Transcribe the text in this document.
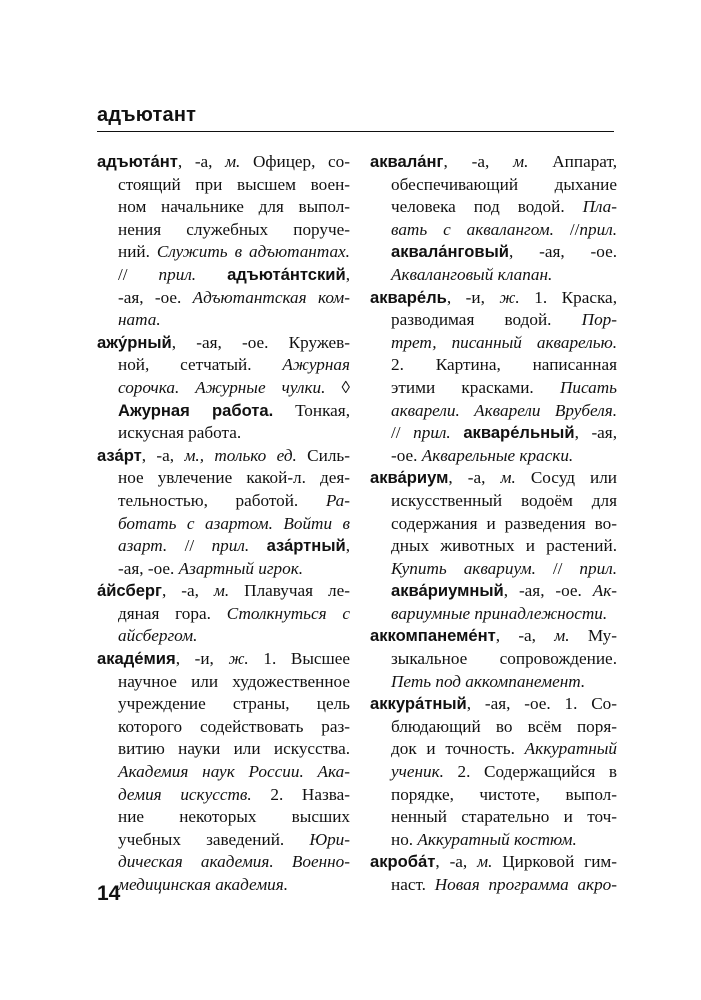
адъютант
адъюта́нт, -а, м. Офицер, со-
стоящий при высшем воен-
ном начальнике для выпол-
нения служебных поруче-
ний. Служить в адъютантах.
// прил. адъюта́нтский,
-ая, -ое. Адъютантская ком-
ната.
ажу́рный, -ая, -ое. Кружев-
ной, сетчатый. Ажурная
сорочка. Ажурные чулки. ◊
Ажурная работа. Тонкая,
искусная работа.
аза́рт, -а, м., только ед. Силь-
ное увлечение какой-л. дея-
тельностью, работой. Ра-
ботать с азартом. Войти в
азарт. // прил. аза́ртный,
-ая, -ое. Азартный игрок.
а́йсберг, -а, м. Плавучая ле-
дяная гора. Столкнуться с
айсбергом.
акаде́мия, -и, ж. 1. Высшее
научное или художественное
учреждение страны, цель
которого содействовать раз-
витию науки или искусства.
Академия наук России. Ака-
демия искусств. 2. Назва-
ние некоторых высших
учебных заведений. Юри-
дическая академия. Военно-
медицинская академия.
аквала́нг, -а, м. Аппарат,
обеспечивающий дыхание
человека под водой. Пла-
вать с аквалангом. //прил.
аквала́нговый, -ая, -ое.
Акваланговый клапан.
акваре́ль, -и, ж. 1. Краска,
разводимая водой. Пор-
трет, писанный акварелью.
2. Картина, написанная
этими красками. Писать
акварели. Акварели Врубеля.
// прил. акваре́льный, -ая,
-ое. Акварельные краски.
аква́риум, -а, м. Сосуд или
искусственный водоём для
содержания и разведения во-
дных животных и растений.
Купить аквариум. // прил.
аква́риумный, -ая, -ое. Ак-
вариумные принадлежности.
аккомпанеме́нт, -а, м. Му-
зыкальное сопровождение.
Петь под аккомпанемент.
аккура́тный, -ая, -ое. 1. Со-
блюдающий во всём поря-
док и точность. Аккуратный
ученик. 2. Содержащийся в
порядке, чистоте, выпол-
ненный старательно и точ-
но. Аккуратный костюм.
акроба́т, -а, м. Цирковой гим-
наст. Новая программа акро-
14
